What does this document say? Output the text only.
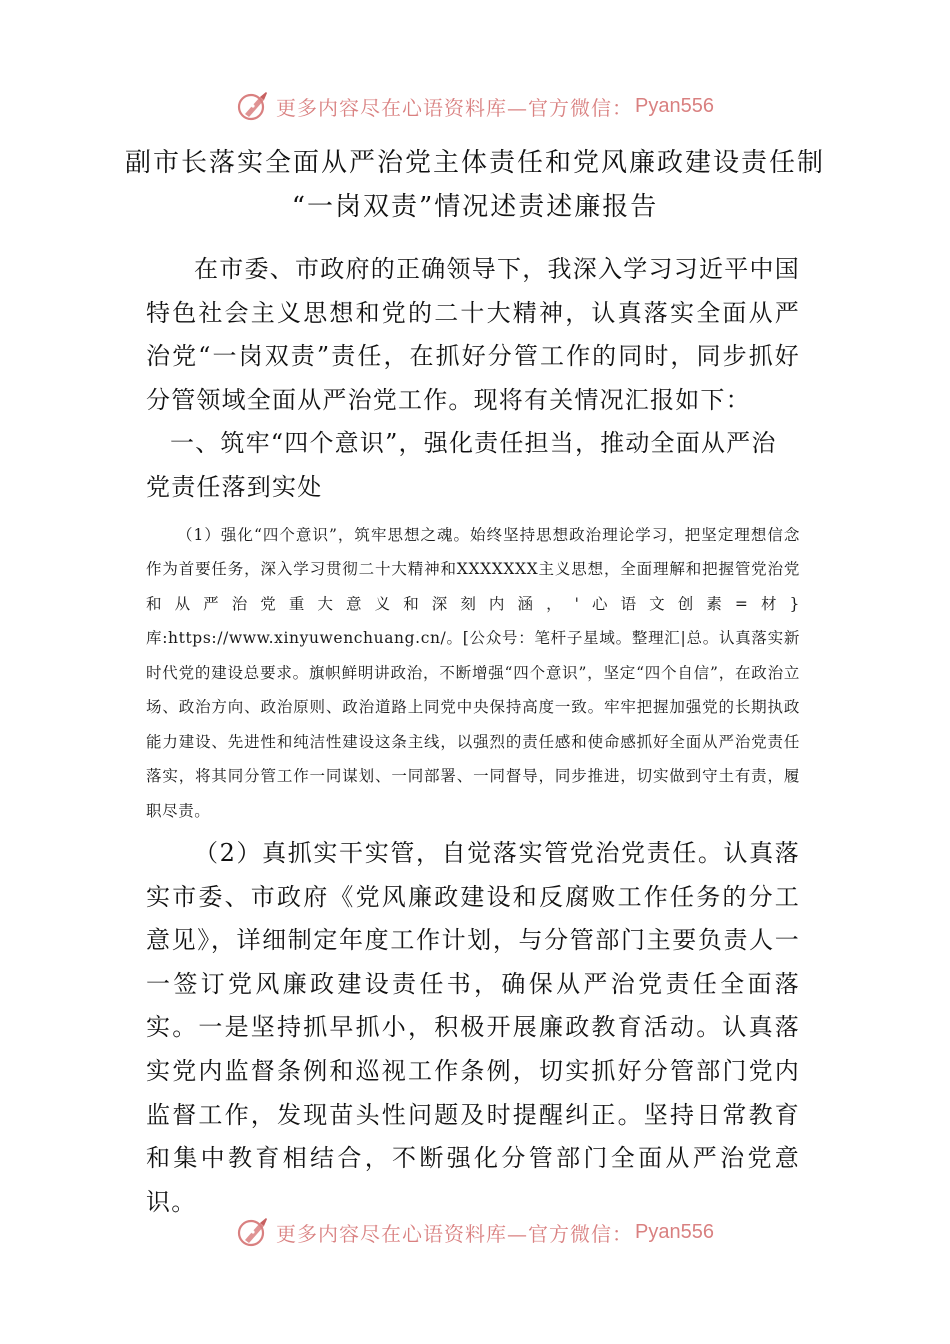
更多内容尽在心语资料库—官方微信： Pyan556
副市长落实全面从严治党主体责任和党风廉政建设责任制
“一岗双责”情况述责述廉报告

在市委、市政府的正确领导下，我深入学习习近平中国特色社会主义思想和党的二十大精神，认真落实全面从严治党“一岗双责”责任，在抓好分管工作的同时，同步抓好分管领域全面从严治党工作。现将有关情况汇报如下：

一、筑牢“四个意识”，强化责任担当，推动全面从严治党责任落到实处

（1）强化“四个意识”，筑牢思想之魂。始终坚持思想政治理论学习，把坚定理想信念作为首要任务，深入学习贯彻二十大精神和XXXXXXX主义思想，全面理解和把握管党治党和从严治党重大意义和深刻内涵，'心语文创素=材}库:https://www.xinyuwenchuang.cn/。[公众号：笔杆子星域。整理汇|总。认真落实新时代党的建设总要求。旗帜鲜明讲政治，不断增强“四个意识”，坚定“四个自信”，在政治立场、政治方向、政治原则、政治道路上同党中央保持高度一致。牢牢把握加强党的长期执政能力建设、先进性和纯洁性建设这条主线，以强烈的责任感和使命感抓好全面从严治党责任落实，将其同分管工作一同谋划、一同部署、一同督导，同步推进，切实做到守土有责，履职尽责。

（2）真抓实干实管，自觉落实管党治党责任。认真落实市委、市政府《党风廉政建设和反腐败工作任务的分工意见》，详细制定年度工作计划，与分管部门主要负责人一一签订党风廉政建设责任书，确保从严治党责任全面落实。一是坚持抓早抓小，积极开展廉政教育活动。认真落实党内监督条例和巡视工作条例，切实抓好分管部门党内监督工作，发现苗头性问题及时提醒纠正。坚持日常教育和集中教育相结合，不断强化分管部门全面从严治党意识。

更多内容尽在心语资料库—官方微信： Pyan556
